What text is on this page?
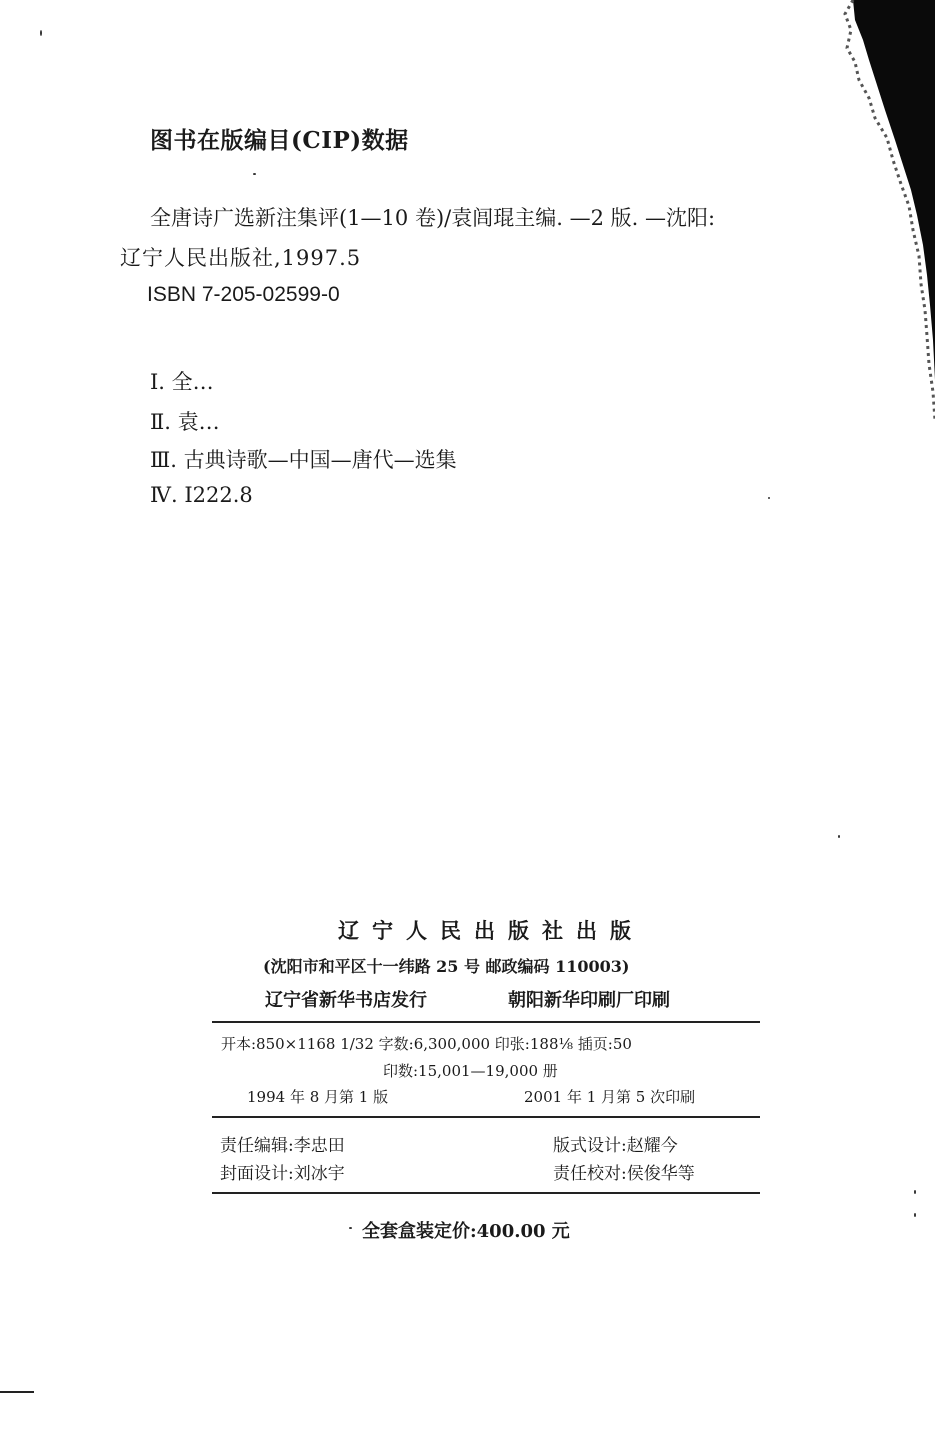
图书在版编目(CIP)数据
全唐诗广选新注集评(1—10 卷)/袁闾琨主编. —2 版. —沈阳:
辽宁人民出版社,1997.5
ISBN 7-205-02599-0
Ⅰ. 全…
Ⅱ. 袁…
Ⅲ. 古典诗歌—中国—唐代—选集
Ⅳ. I222.8
辽宁人民出版社出版
(沈阳市和平区十一纬路 25 号 邮政编码 110003)
辽宁省新华书店发行	朝阳新华印刷厂印刷
开本:850×1168 1/32 字数:6,300,000 印张:188⅛ 插页:50
印数:15,001—19,000 册
1994 年 8 月第 1 版	2001 年 1 月第 5 次印刷
责任编辑:李忠田	版式设计:赵耀今
封面设计:刘冰宇	责任校对:侯俊华等
全套盒装定价:400.00 元
